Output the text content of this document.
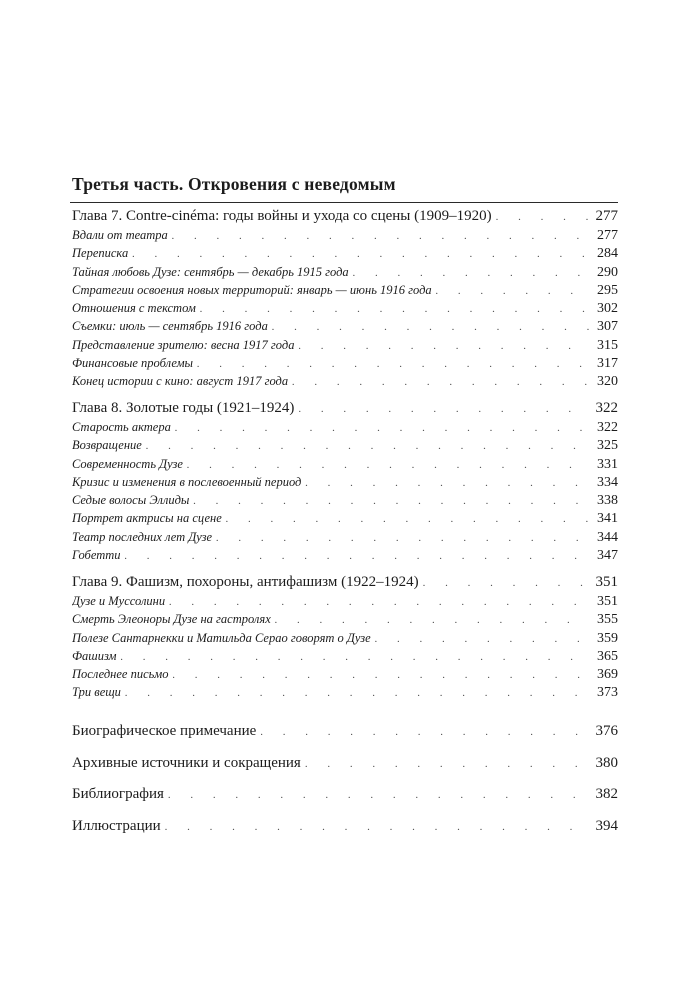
Третья часть. Откровения с неведомым
Глава 7. Contre-cinéma: годы войны и ухода со сцены (1909–1920) . . .	277
Вдали от театра . . .	277
Переписка . . .	284
Тайная любовь Дузе: сентябрь — декабрь 1915 года . . .	290
Стратегии освоения новых территорий: январь — июнь 1916 года . . .	295
Отношения с текстом . . .	302
Съемки: июль — сентябрь 1916 года . . .	307
Представление зрителю: весна 1917 года . . .	315
Финансовые проблемы . . .	317
Конец истории с кино: август 1917 года . . .	320
Глава 8. Золотые годы (1921–1924) . . .	322
Старость актера . . .	322
Возвращение . . .	325
Современность Дузе . . .	331
Кризис и изменения в послевоенный период . . .	334
Седые волосы Эллиды . . .	338
Портрет актрисы на сцене . . .	341
Театр последних лет Дузе . . .	344
Гобетти . . .	347
Глава 9. Фашизм, похороны, антифашизм (1922–1924) . . .	351
Дузе и Муссолини . . .	351
Смерть Элеоноры Дузе на гастролях . . .	355
Полезе Сантарнекки и Матильда Серао говорят о Дузе . . .	359
Фашизм . . .	365
Последнее письмо . . .	369
Три вещи . . .	373
Биографическое примечание . . .	376
Архивные источники и сокращения . . .	380
Библиография . . .	382
Иллюстрации . . .	394
